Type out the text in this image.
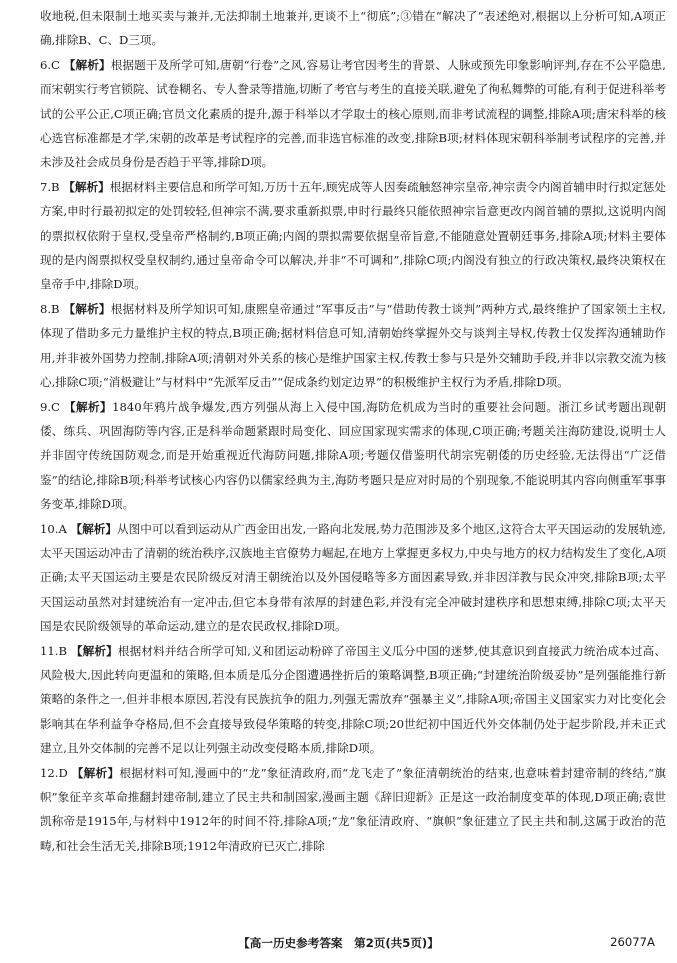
收地税,但未限制土地买卖与兼并,无法抑制土地兼并,更谈不上“彻底”;③错在“解决了”表述绝对,根据以上分析可知,A项正确,排除B、C、D三项。

6.C 【解析】根据题干及所学可知,唐朝“行卷”之风,容易让考官因考生的背景、人脉或预先印象影响评判,存在不公平隐患,而宋朝实行考官锁院、试卷糊名、专人誊录等措施,切断了考官与考生的直接关联,避免了徇私舞弊的可能,有利于促进科举考试的公平公正,C项正确;官员文化素质的提升,源于科举以才学取士的核心原则,而非考试流程的调整,排除A项;唐宋科举的核心选官标准都是才学,宋朝的改革是考试程序的完善,而非选官标准的改变,排除B项;材料体现宋朝科举制考试程序的完善,并未涉及社会成员身份是否趋于平等,排除D项。

7.B 【解析】根据材料主要信息和所学可知,万历十五年,顾宪成等人因奏疏触怒神宗皇帝,神宗责令内阁首辅申时行拟定惩处方案,申时行最初拟定的处罚较轻,但神宗不满,要求重新拟票,申时行最终只能依照神宗旨意更改内阁首辅的票拟,这说明内阁的票拟权依附于皇权,受皇帝严格制约,B项正确;内阁的票拟需要依据皇帝旨意,不能随意处置朝廷事务,排除A项;材料主要体现的是内阁票拟权受皇权制约,通过皇帝命令可以解决,并非“不可调和”,排除C项;内阁没有独立的行政决策权,最终决策权在皇帝手中,排除D项。

8.B 【解析】根据材料及所学知识可知,康熙皇帝通过“军事反击”与“借助传教士谈判”两种方式,最终维护了国家领土主权,体现了借助多元力量维护主权的特点,B项正确;据材料信息可知,清朝始终掌握外交与谈判主导权,传教士仅发挥沟通辅助作用,并非被外国势力控制,排除A项;清朝对外关系的核心是维护国家主权,传教士参与只是外交辅助手段,并非以宗教交流为核心,排除C项;“消极避让”与材料中“先派军反击”“促成条约划定边界”的积极维护主权行为矛盾,排除D项。

9.C 【解析】1840年鸦片战争爆发,西方列强从海上入侵中国,海防危机成为当时的重要社会问题。浙江乡试考题出现朝倭、练兵、巩固海防等内容,正是科举命题紧跟时局变化、回应国家现实需求的体现,C项正确;考题关注海防建设,说明士人并非固守传统国防观念,而是开始重视近代海防问题,排除A项;考题仅借鉴明代胡宗宪朝倭的历史经验,无法得出“广泛借鉴”的结论,排除B项;科举考试核心内容仍以儒家经典为主,海防考题只是应对时局的个别现象,不能说明其内容向侧重军事事务变革,排除D项。

10.A 【解析】从图中可以看到运动从广西金田出发,一路向北发展,势力范围涉及多个地区,这符合太平天国运动的发展轨迹,太平天国运动冲击了清朝的统治秩序,汉族地主官僚势力崛起,在地方上掌握更多权力,中央与地方的权力结构发生了变化,A项正确;太平天国运动主要是农民阶级反对清王朝统治以及外国侵略等多方面因素导致,并非因洋教与民众冲突,排除B项;太平天国运动虽然对封建统治有一定冲击,但它本身带有浓厚的封建色彩,并没有完全冲破封建秩序和思想束缚,排除C项;太平天国是农民阶级领导的革命运动,建立的是农民政权,排除D项。

11.B 【解析】根据材料并结合所学可知,义和团运动粉碎了帝国主义瓜分中国的迷梦,使其意识到直接武力统治成本过高、风险极大,因此转向更温和的策略,但本质是瓜分企图遭遇挫折后的策略调整,B项正确;“封建统治阶级妥协”是列强能推行新策略的条件之一,但并非根本原因,若没有民族抗争的阻力,列强无需放弃“强暴主义”,排除A项;帝国主义国家实力对比变化会影响其在华利益争夺格局,但不会直接导致侵华策略的转变,排除C项;20世纪初中国近代外交体制仍处于起步阶段,并未正式建立,且外交体制的完善不足以让列强主动改变侵略本质,排除D项。

12.D 【解析】根据材料可知,漫画中的“龙”象征清政府,而“龙飞走了”象征清朝统治的结束,也意味着封建帝制的终结,“旗帜”象征辛亥革命推翻封建帝制,建立了民主共和制国家,漫画主题《辞旧迎新》正是这一政治制度变革的体现,D项正确;袁世凯称帝是1915年,与材料中1912年的时间不符,排除A项;“龙”象征清政府、“旗帜”象征建立了民主共和制,这属于政治的范畴,和社会生活无关,排除B项;1912年清政府已灭亡,排除

【高一历史参考答案　第2页(共5页)】	26077A
